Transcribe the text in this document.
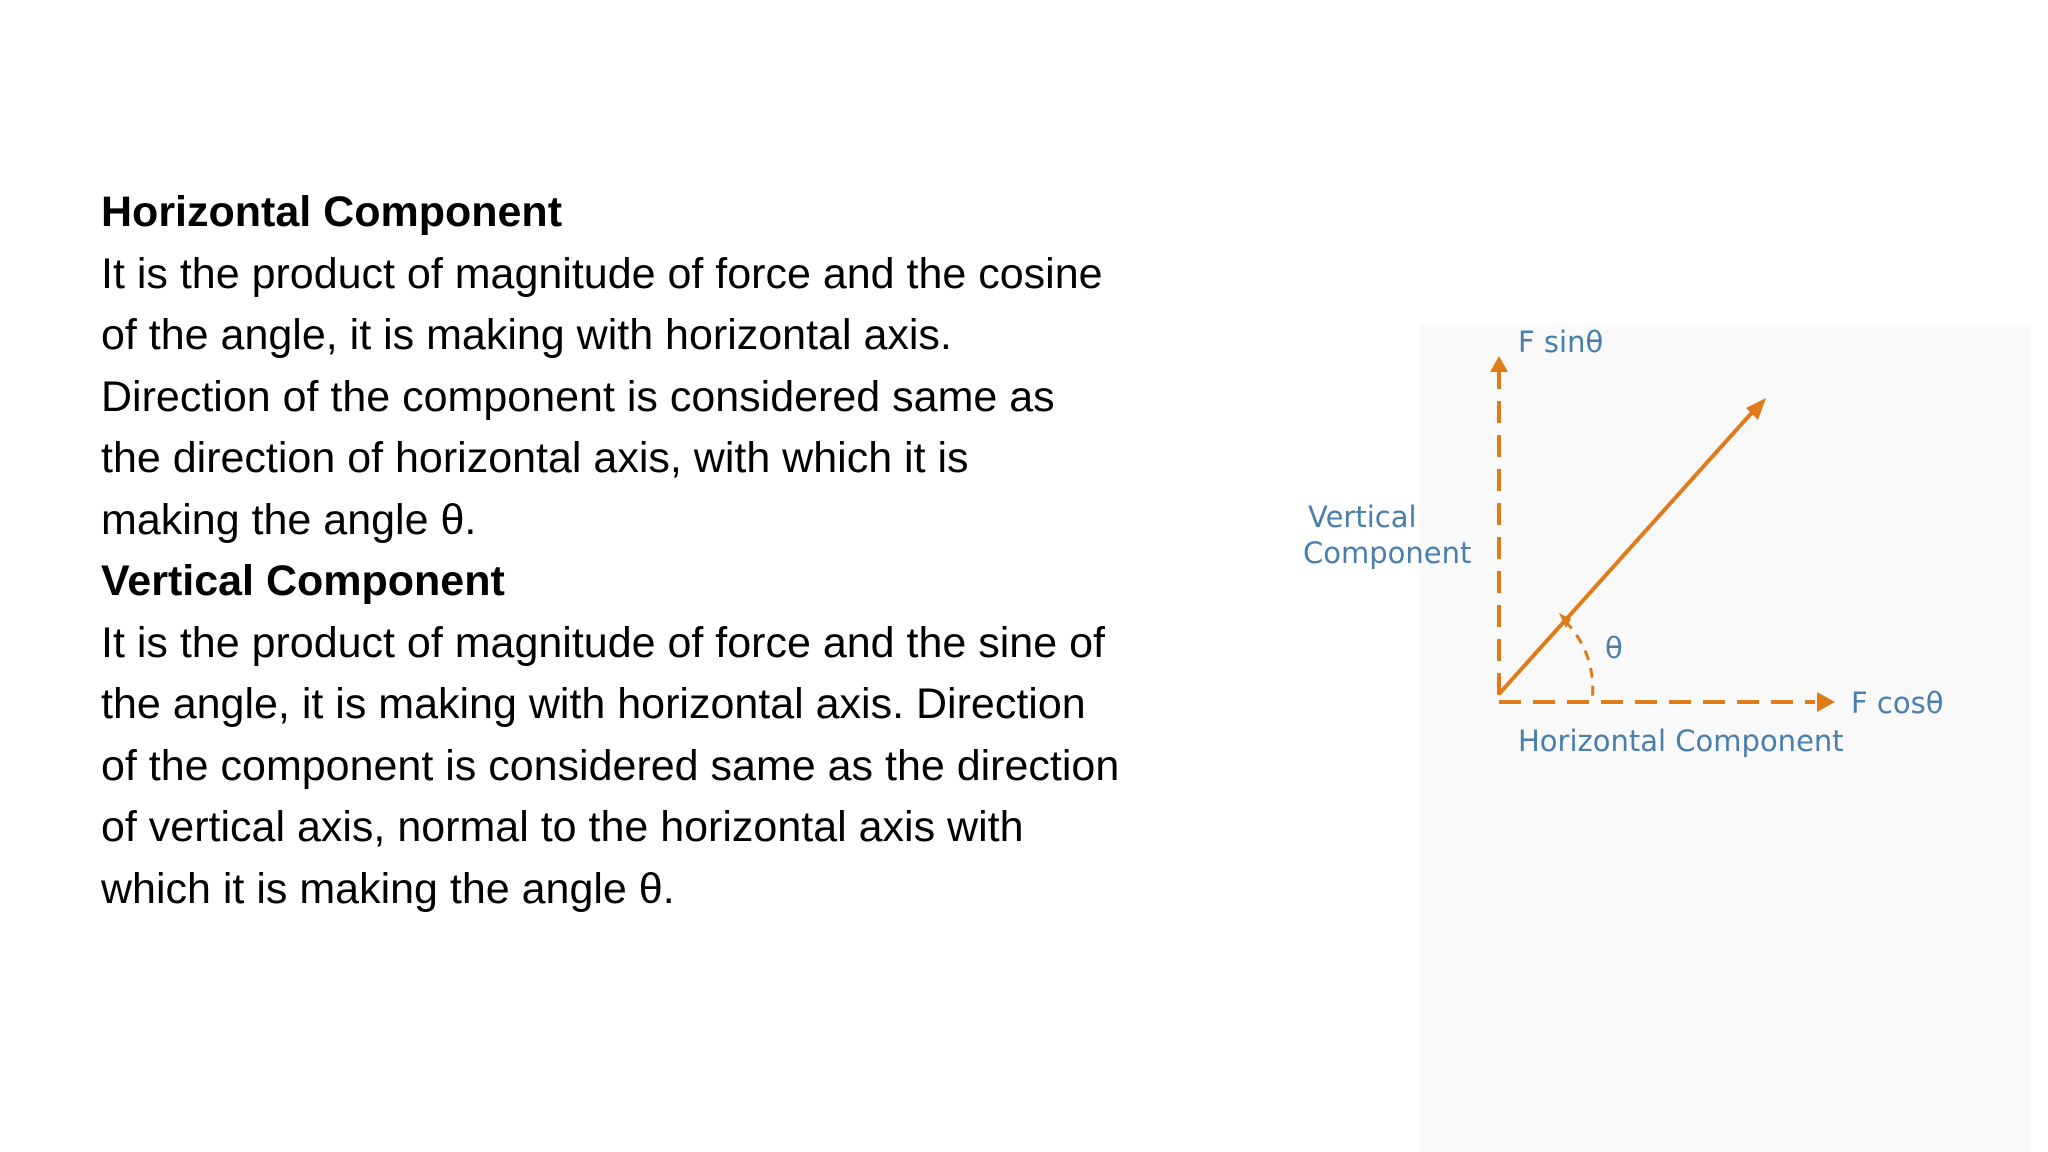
Horizontal Component
It is the product of magnitude of force and the cosine
of the angle, it is making with horizontal axis.
Direction of the component is considered same as
the direction of horizontal axis, with which it is
making the angle θ.
Vertical Component
It is the product of magnitude of force and the sine of
the angle, it is making with horizontal axis. Direction
of the component is considered same as the direction
of vertical axis, normal to the horizontal axis with
which it is making the angle θ.
F sinθ
Vertical
Component
θ
F cosθ
Horizontal Component
